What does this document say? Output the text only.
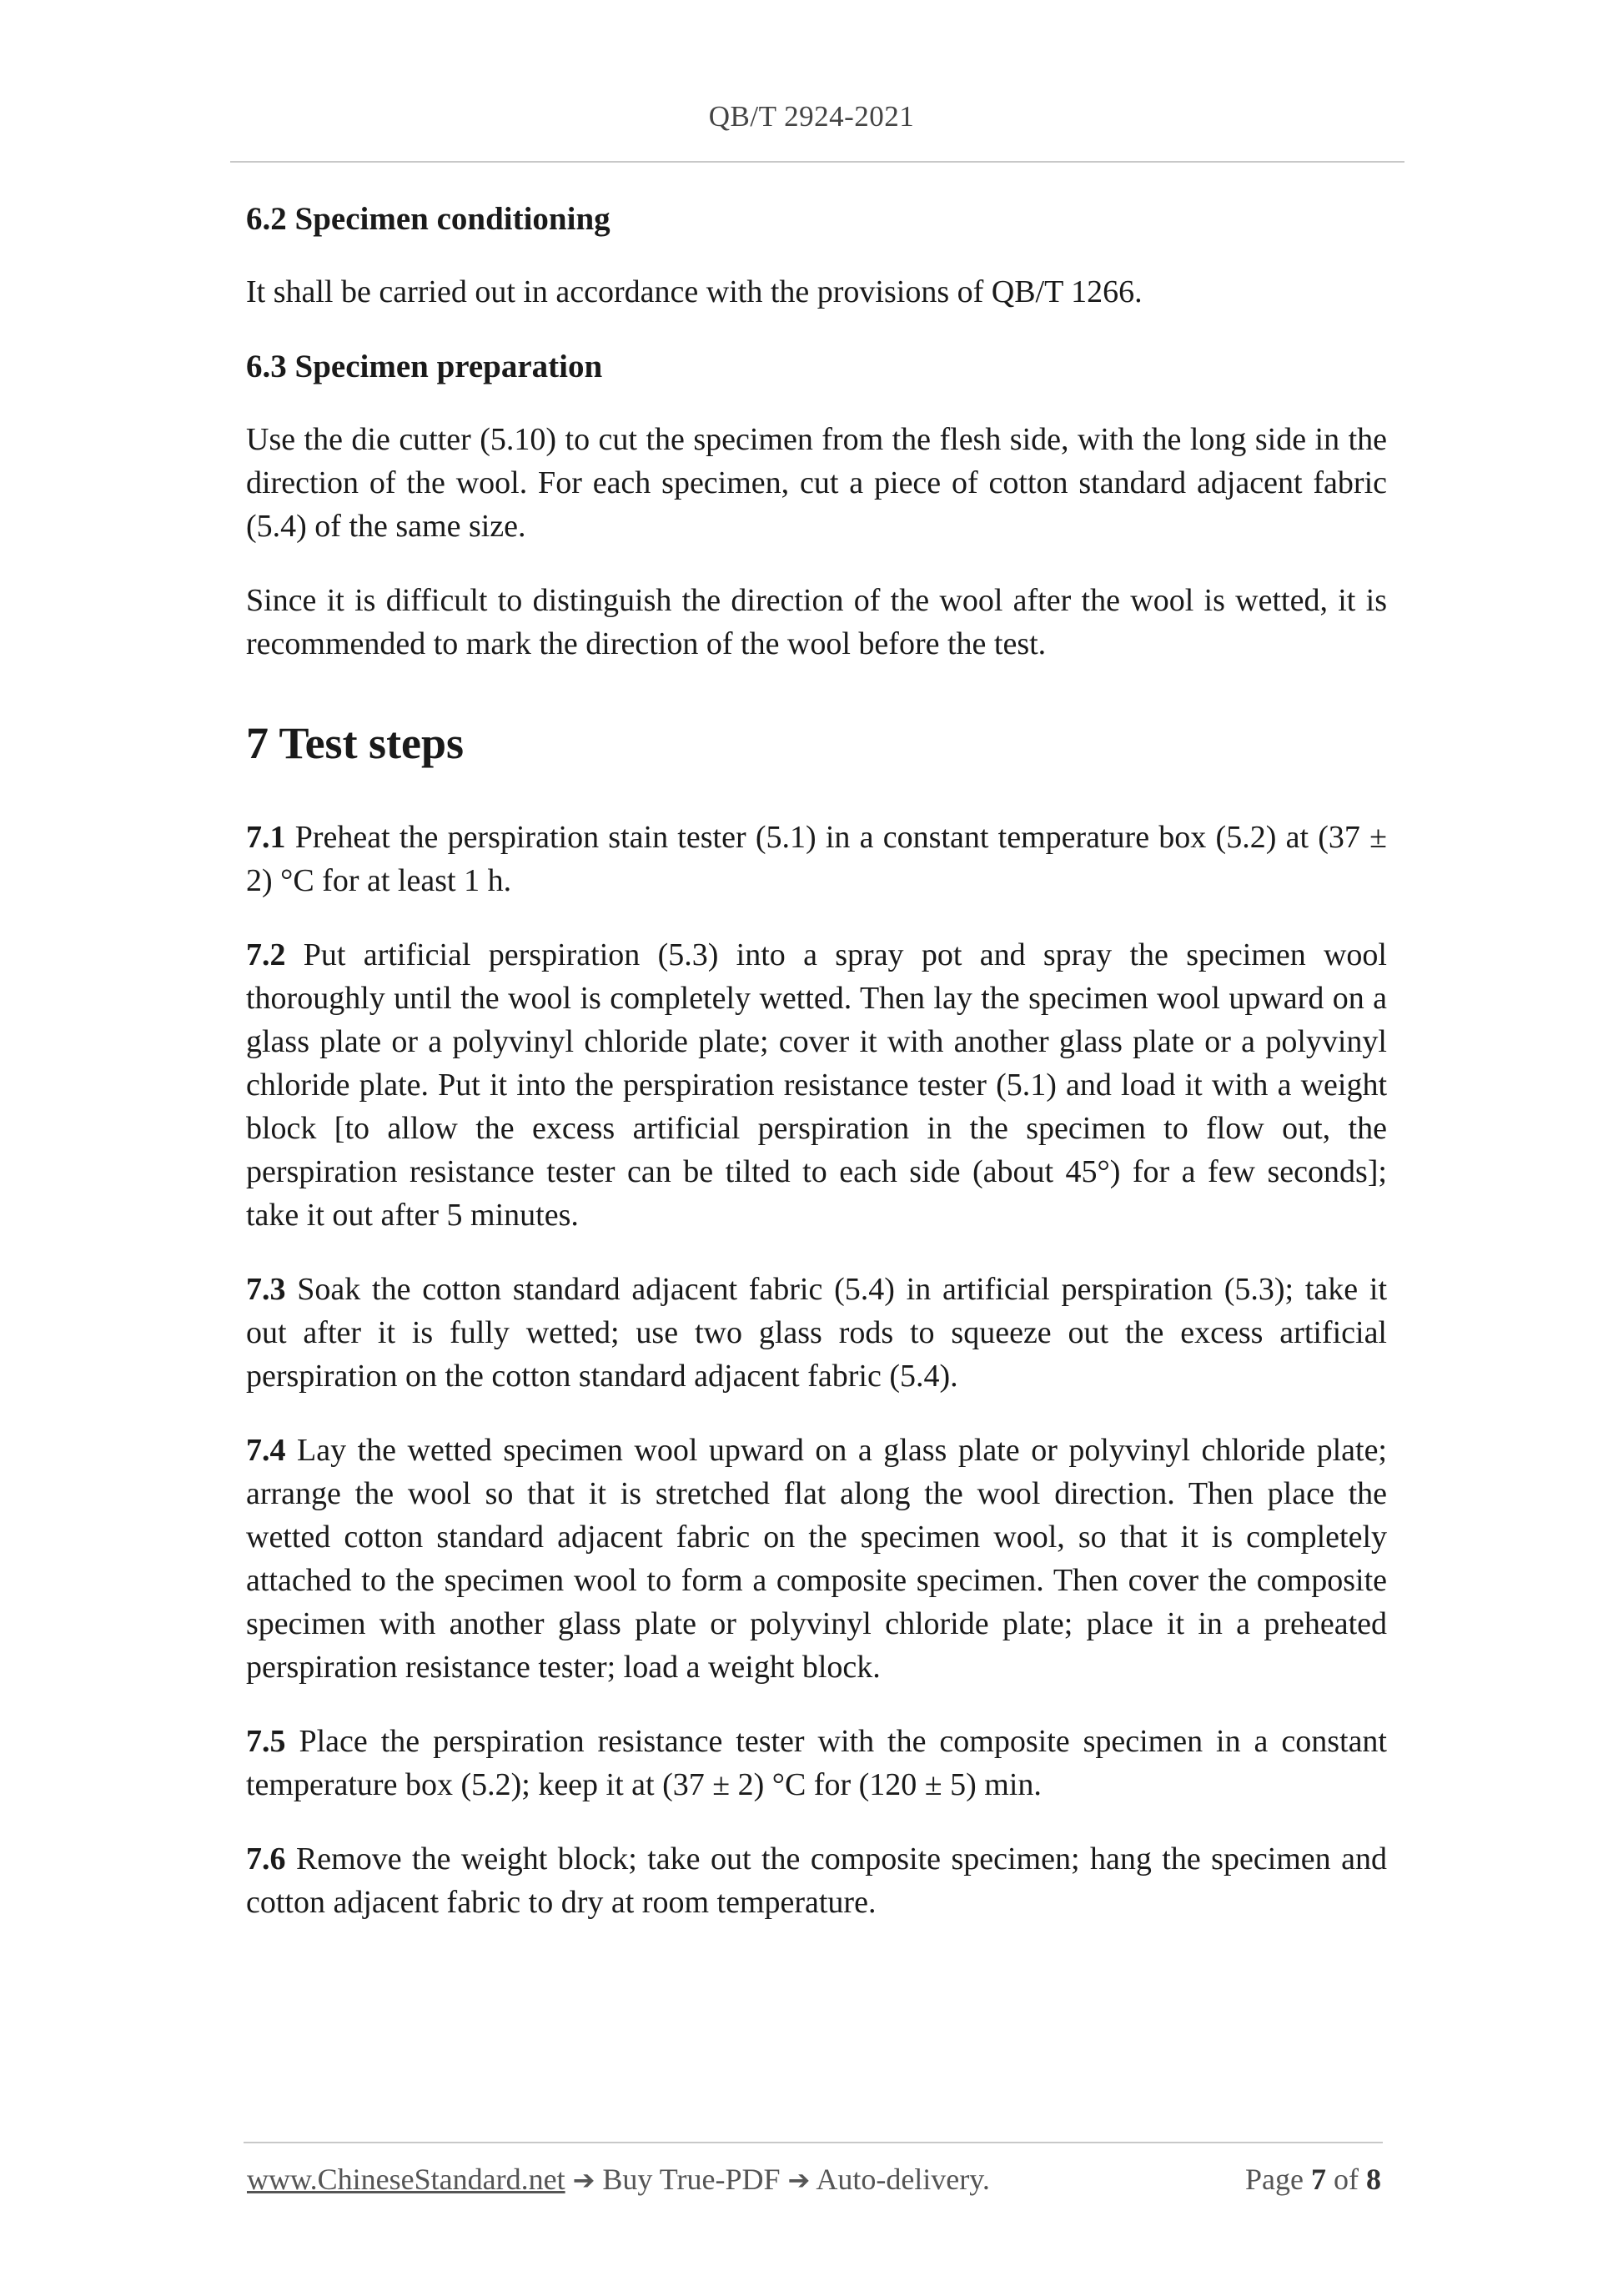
QB/T 2924-2021

6.2 Specimen conditioning

It shall be carried out in accordance with the provisions of QB/T 1266.

6.3 Specimen preparation

Use the die cutter (5.10) to cut the specimen from the flesh side, with the long side in the direction of the wool. For each specimen, cut a piece of cotton standard adjacent fabric (5.4) of the same size.

Since it is difficult to distinguish the direction of the wool after the wool is wetted, it is recommended to mark the direction of the wool before the test.

7 Test steps

7.1 Preheat the perspiration stain tester (5.1) in a constant temperature box (5.2) at (37 ± 2) °C for at least 1 h.

7.2 Put artificial perspiration (5.3) into a spray pot and spray the specimen wool thoroughly until the wool is completely wetted. Then lay the specimen wool upward on a glass plate or a polyvinyl chloride plate; cover it with another glass plate or a polyvinyl chloride plate. Put it into the perspiration resistance tester (5.1) and load it with a weight block [to allow the excess artificial perspiration in the specimen to flow out, the perspiration resistance tester can be tilted to each side (about 45°) for a few seconds]; take it out after 5 minutes.

7.3 Soak the cotton standard adjacent fabric (5.4) in artificial perspiration (5.3); take it out after it is fully wetted; use two glass rods to squeeze out the excess artificial perspiration on the cotton standard adjacent fabric (5.4).

7.4 Lay the wetted specimen wool upward on a glass plate or polyvinyl chloride plate; arrange the wool so that it is stretched flat along the wool direction. Then place the wetted cotton standard adjacent fabric on the specimen wool, so that it is completely attached to the specimen wool to form a composite specimen. Then cover the composite specimen with another glass plate or polyvinyl chloride plate; place it in a preheated perspiration resistance tester; load a weight block.

7.5 Place the perspiration resistance tester with the composite specimen in a constant temperature box (5.2); keep it at (37 ± 2) °C for (120 ± 5) min.

7.6 Remove the weight block; take out the composite specimen; hang the specimen and cotton adjacent fabric to dry at room temperature.

www.ChineseStandard.net ➔ Buy True-PDF ➔ Auto-delivery.	Page 7 of 8
